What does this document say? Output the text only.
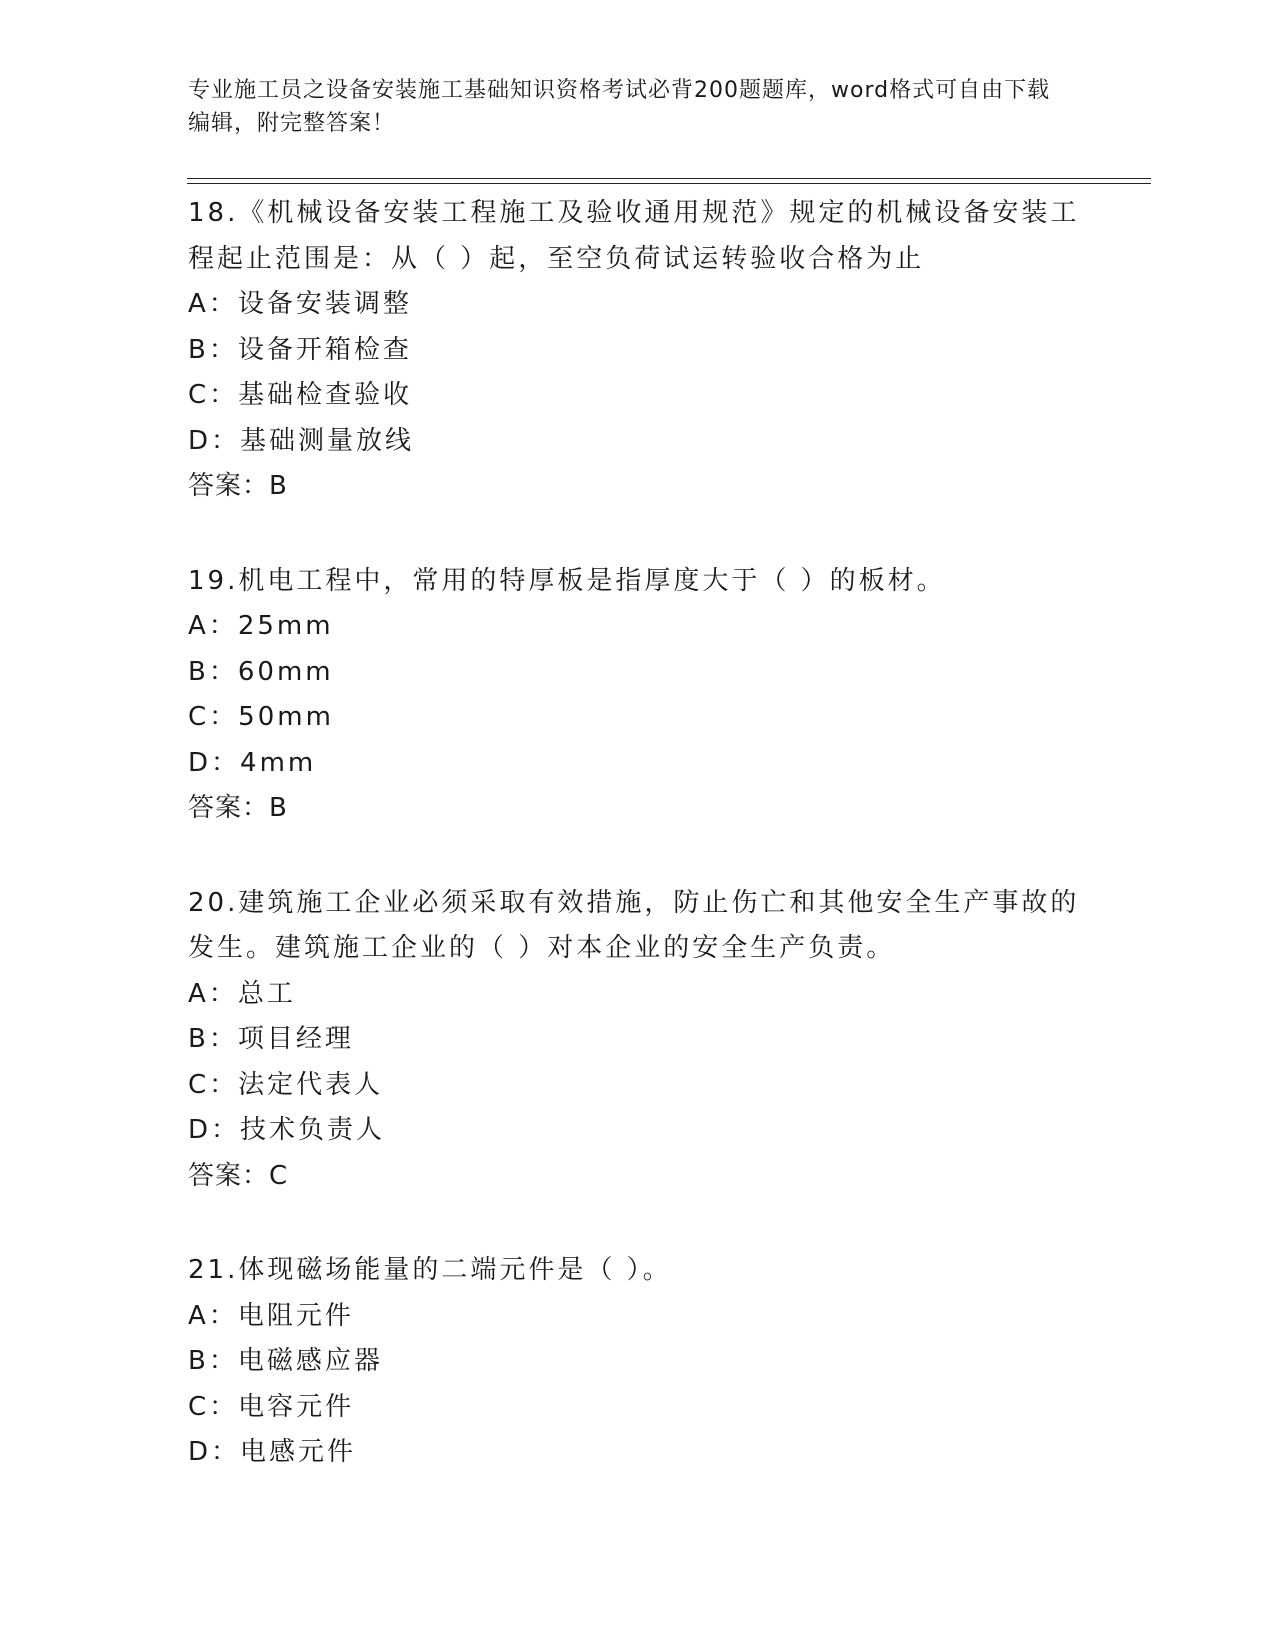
专业施工员之设备安装施工基础知识资格考试必背200题题库，word格式可自由下载编辑，附完整答案！

18.《机械设备安装工程施工及验收通用规范》规定的机械设备安装工

程起止范围是：从（ ）起，至空负荷试运转验收合格为止

A：设备安装调整

B：设备开箱检查

C：基础检查验收

D：基础测量放线

答案：B

19.机电工程中，常用的特厚板是指厚度大于（ ）的板材。

A：25mm

B：60mm

C：50mm

D：4mm

答案：B

20.建筑施工企业必须采取有效措施，防止伤亡和其他安全生产事故的

发生。建筑施工企业的（ ）对本企业的安全生产负责。

A：总工

B：项目经理

C：法定代表人

D：技术负责人

答案：C

21.体现磁场能量的二端元件是（ ）。

A：电阻元件

B：电磁感应器

C：电容元件

D：电感元件
